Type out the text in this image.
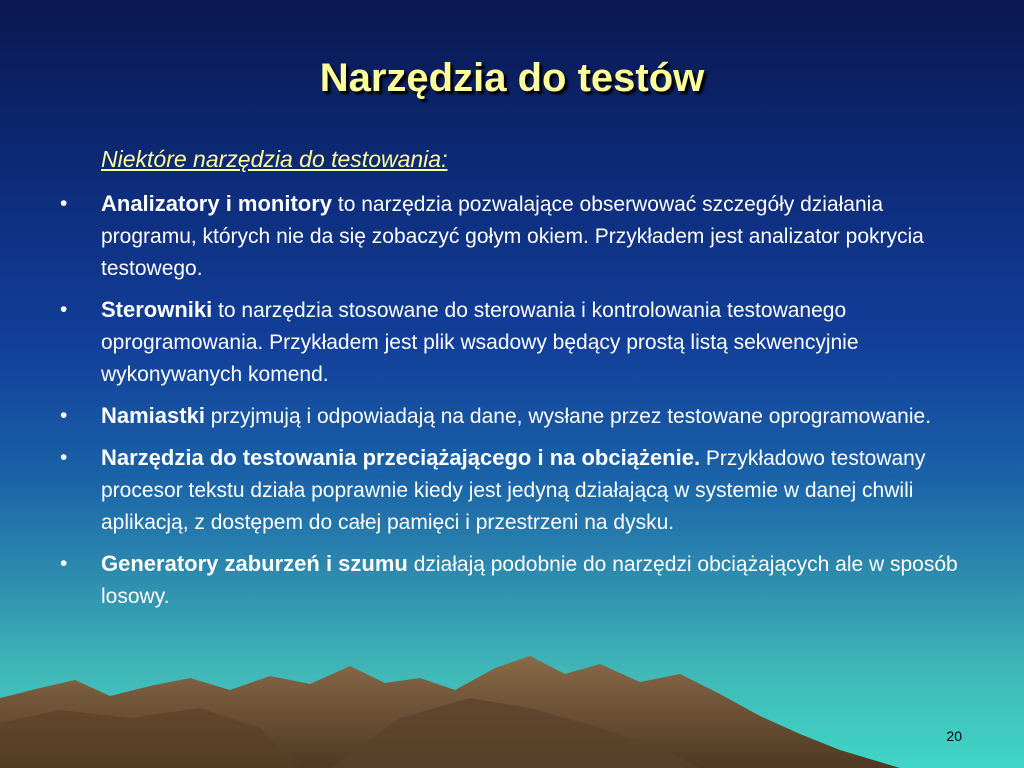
Narzędzia do testów
Niektóre narzędzia do testowania:
• Analizatory i monitory to narzędzia pozwalające obserwować szczegóły działania programu, których nie da się zobaczyć gołym okiem. Przykładem jest analizator pokrycia testowego.
• Sterowniki to narzędzia stosowane do sterowania i kontrolowania testowanego oprogramowania. Przykładem jest plik wsadowy będący prostą listą sekwencyjnie wykonywanych komend.
• Namiastki przyjmują i odpowiadają na dane, wysłane przez testowane oprogramowanie.
• Narzędzia do testowania przeciążającego i na obciążenie. Przykładowo testowany procesor tekstu działa poprawnie kiedy jest jedyną działającą w systemie w danej chwili aplikacją, z dostępem do całej pamięci i przestrzeni na dysku.
• Generatory zaburzeń i szumu działają podobnie do narzędzi obciążających ale w sposób losowy.
20
